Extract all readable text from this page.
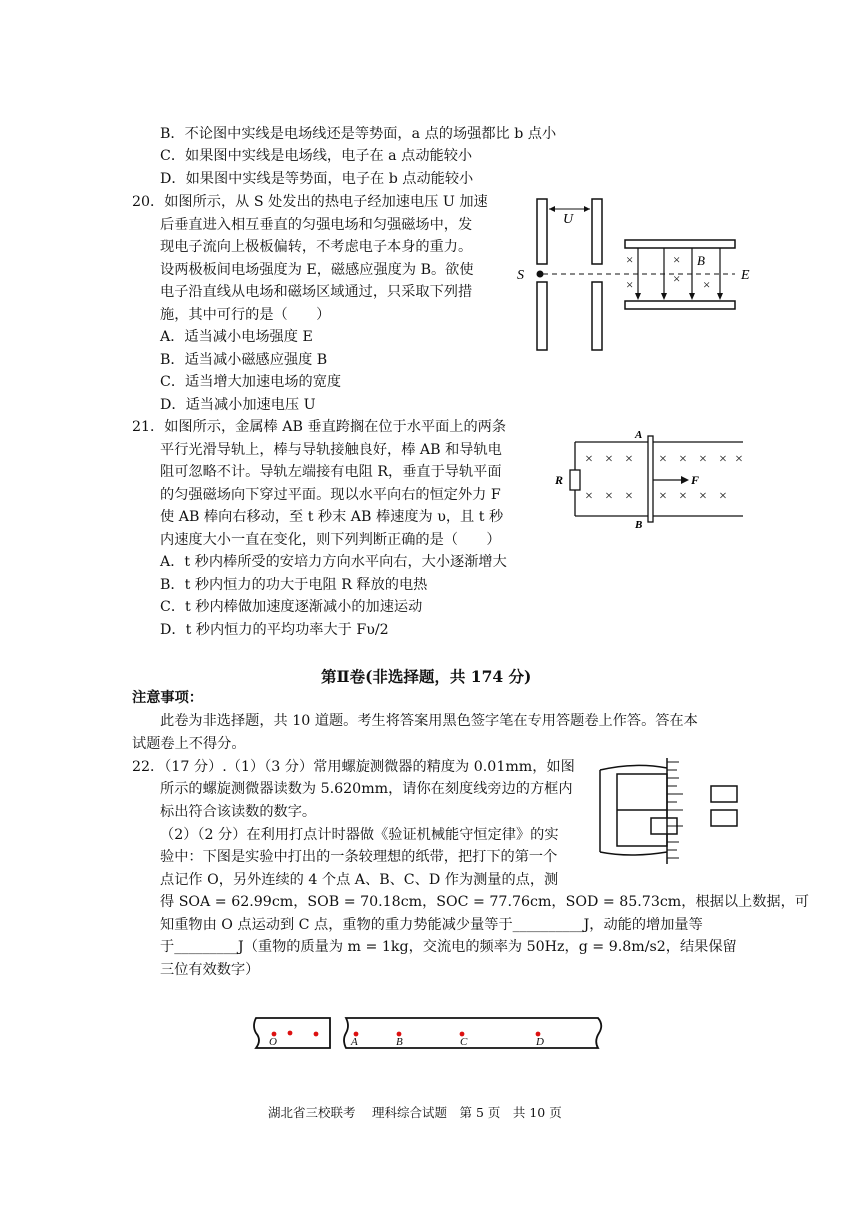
B．不论图中实线是电场线还是等势面，a 点的场强都比 b 点小
C．如果图中实线是电场线，电子在 a 点动能较小
D．如果图中实线是等势面，电子在 b 点动能较小
20．如图所示，从 S 处发出的热电子经加速电压 U 加速
后垂直进入相互垂直的匀强电场和匀强磁场中，发
现电子流向上极板偏转，不考虑电子本身的重力。
设两极板间电场强度为 E，磁感应强度为 B。欲使
电子沿直线从电场和磁场区域通过，只采取下列措
施，其中可行的是（　　）
A．适当减小电场强度 E
B．适当减小磁感应强度 B
C．适当增大加速电场的宽度
D．适当减小加速电压 U
U
S	E
×	×
×	× ×
B
21．如图所示，金属棒 AB 垂直跨搁在位于水平面上的两条
平行光滑导轨上，棒与导轨接触良好，棒 AB 和导轨电
阻可忽略不计。导轨左端接有电阻 R，垂直于导轨平面
的匀强磁场向下穿过平面。现以水平向右的恒定外力 F
使 AB 棒向右移动，至 t 秒末 AB 棒速度为 υ，且 t 秒
内速度大小一直在变化，则下列判断正确的是（　　）
A．t 秒内棒所受的安培力方向水平向右，大小逐渐增大
B．t 秒内恒力的功大于电阻 R 释放的电热
C．t 秒内棒做加速度逐渐减小的加速运动
D．t 秒内恒力的平均功率大于 Fυ/2
R
A
B
F
× × × × × × × ×
× × × × × × ×
第Ⅱ卷(非选择题，共 174 分)
注意事项：
此卷为非选择题，共 10 道题。考生将答案用黑色签字笔在专用答题卷上作答。答在本
试题卷上不得分。
22．（17 分）.（1）（3 分）常用螺旋测微器的精度为 0.01mm，如图
所示的螺旋测微器读数为 5.620mm，请你在刻度线旁边的方框内
标出符合该读数的数字。
（2）（2 分）在利用打点计时器做《验证机械能守恒定律》的实
验中：下图是实验中打出的一条较理想的纸带，把打下的第一个
点记作 O，另外连续的 4 个点 A、B、C、D 作为测量的点，测
得 SOA = 62.99cm，SOB = 70.18cm，SOC = 77.76cm，SOD = 85.73cm，根据以上数据，可
知重物由 O 点运动到 C 点，重物的重力势能减少量等于__________J，动能的增加量等
于_________J（重物的质量为 m = 1kg，交流电的频率为 50Hz，g = 9.8m/s2，结果保留
三位有效数字）
O	A	B	C	D
湖北省三校联考　 理科综合试题　第 5 页　共 10 页
